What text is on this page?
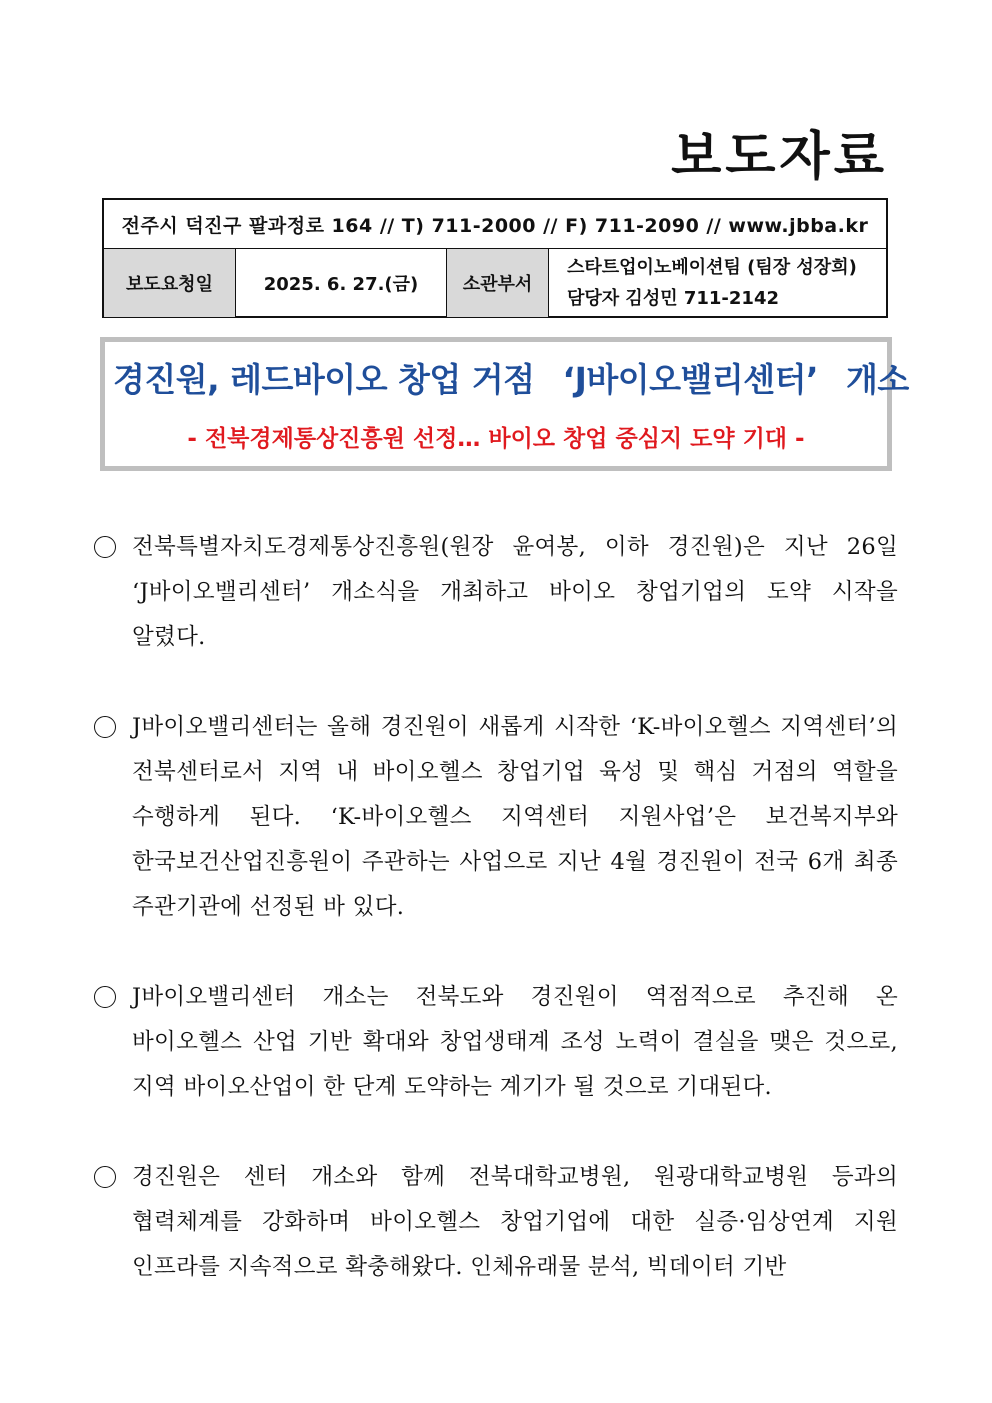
보도자료
전주시 덕진구 팔과정로 164 // T) 711-2000 // F) 711-2090 // www.jbba.kr
보도요청일	2025. 6. 27.(금)	소관부서
스타트업이노베이션팀 (팀장 성장희)
담당자 김성민 711-2142
경진원, 레드바이오 창업 거점 ‘J바이오밸리센터’ 개소
- 전북경제통상진흥원 선정… 바이오 창업 중심지 도약 기대 -
전북특별자치도경제통상진흥원(원장 윤여봉, 이하 경진원)은 지난 26일 ‘J바이오밸리센터’ 개소식을 개최하고 바이오 창업기업의 도약 시작을 알렸다.
J바이오밸리센터는 올해 경진원이 새롭게 시작한 ‘K-바이오헬스 지역센터’의 전북센터로서 지역 내 바이오헬스 창업기업 육성 및 핵심 거점의 역할을 수행하게 된다. ‘K-바이오헬스 지역센터 지원사업’은 보건복지부와 한국보건산업진흥원이 주관하는 사업으로 지난 4월 경진원이 전국 6개 최종 주관기관에 선정된 바 있다.
J바이오밸리센터 개소는 전북도와 경진원이 역점적으로 추진해 온 바이오헬스 산업 기반 확대와 창업생태계 조성 노력이 결실을 맺은 것으로, 지역 바이오산업이 한 단계 도약하는 계기가 될 것으로 기대된다.
경진원은 센터 개소와 함께 전북대학교병원, 원광대학교병원 등과의 협력체계를 강화하며 바이오헬스 창업기업에 대한 실증·임상연계 지원 인프라를 지속적으로 확충해왔다. 인체유래물 분석, 빅데이터 기반
